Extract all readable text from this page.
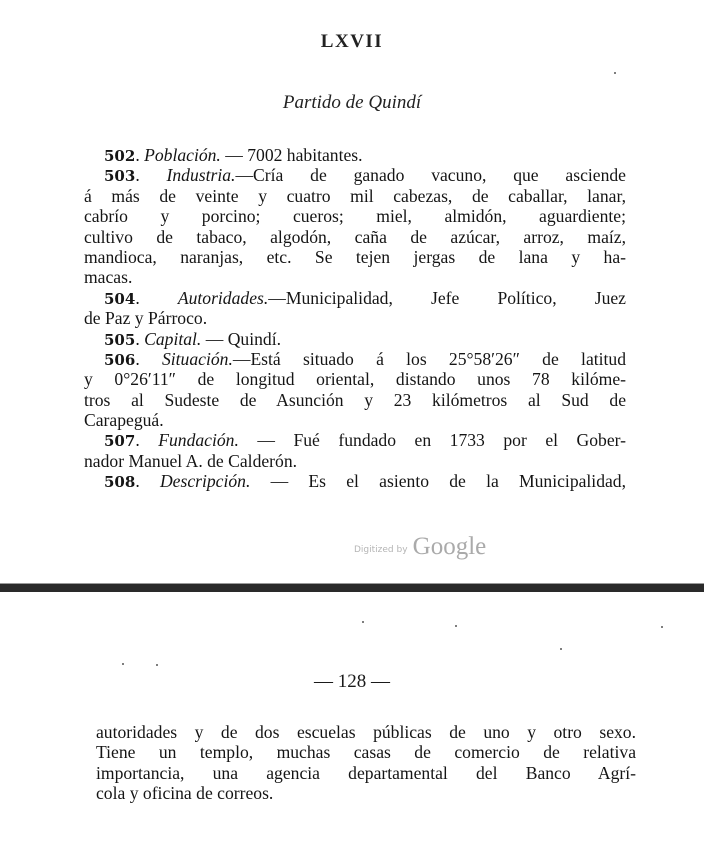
LXVII
Partido de Quindí
502. Población. — 7002 habitantes.
503. Industria.—Cría de ganado vacuno, que asciende
á más de veinte y cuatro mil cabezas, de caballar, lanar,
cabrío y porcino; cueros; miel, almidón, aguardiente;
cultivo de tabaco, algodón, caña de azúcar, arroz, maíz,
mandioca, naranjas, etc. Se tejen jergas de lana y ha-
macas.
504. Autoridades.—Municipalidad, Jefe Político, Juez
de Paz y Párroco.
505. Capital. — Quindí.
506. Situación.—Está situado á los 25°58′26″ de latitud
y 0°26′11″ de longitud oriental, distando unos 78 kilóme-
tros al Sudeste de Asunción y 23 kilómetros al Sud de
Carapeguá.
507. Fundación. — Fué fundado en 1733 por el Gober-
nador Manuel A. de Calderón.
508. Descripción. — Es el asiento de la Municipalidad,
Digitized by Google
— 128 —
autoridades y de dos escuelas públicas de uno y otro sexo.
Tiene un templo, muchas casas de comercio de relativa
importancia, una agencia departamental del Banco Agrí-
cola y oficina de correos.
